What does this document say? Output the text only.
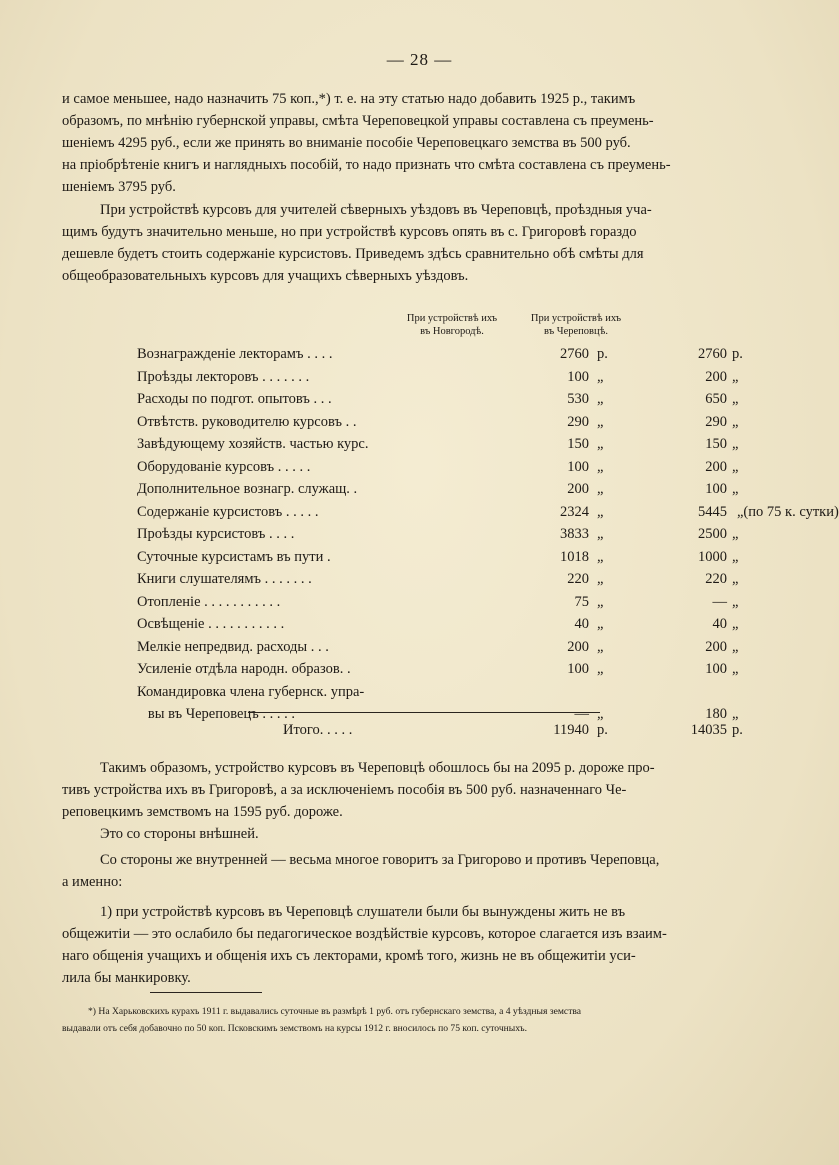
— 28 —

и самое меньшее, надо назначить 75 коп.,*) т. е. на эту статью надо добавить 1925 р., такимъ
образомъ, по мнѣнію губернской управы, смѣта Череповецкой управы составлена съ преумень-
шеніемъ 4295 руб., если же принять во вниманіе пособіе Череповецкаго земства въ 500 руб.
на пріобрѣтеніе книгъ и наглядныхъ пособій, то надо признать что смѣта составлена съ преумень-
шеніемъ 3795 руб.

При устройствѣ курсовъ для учителей сѣверныхъ уѣздовъ въ Череповцѣ, проѣздныя уча-
щимъ будутъ значительно меньше, но при устройствѣ курсовъ опять въ с. Григоровѣ гораздо
дешевле будетъ стоить содержаніе курсистовъ. Приведемъ здѣсь сравнительно обѣ смѣты для
общеобразовательныхъ курсовъ для учащихъ сѣверныхъ уѣздовъ.

При устройствѣ ихъ
въ Новгородѣ.
При устройствѣ ихъ
въ Череповцѣ.
Вознагражденіе лекторамъ . . . .	2760 р.	2760 р.
Проѣзды лекторовъ . . . . . . .	100 „	200 „
Расходы по подгот. опытовъ . . .	530 „	650 „
Отвѣтств. руководителю курсовъ . .	290 „	290 „
Завѣдующему хозяйств. частью курс.	150 „	150 „
Оборудованіе курсовъ . . . . .	100 „	200 „
Дополнительное вознагр. служащ. .	200 „	100 „
Содержаніе курсистовъ . . . . .	2324 „	5445 „(по 75 к. сутки)
Проѣзды курсистовъ . . . .	3833 „	2500 „
Суточные курсистамъ въ пути .	1018 „	1000 „
Книги слушателямъ . . . . . . .	220 „	220 „
Отопленіе . . . . . . . . . . .	75 „	— „
Освѣщеніе . . . . . . . . . . .	40 „	40 „
Мелкіе непредвид. расходы . . .	200 „	200 „
Усиленіе отдѣла народн. образов. .	100 „	100 „
Командировка члена губернск. упра-
вы въ Череповецъ . . . . .	— „	180 „
Итого. . . . .	11940 р.	14035 р.

Такимъ образомъ, устройство курсовъ въ Череповцѣ обошлось бы на 2095 р. дороже про-
тивъ устройства ихъ въ Григоровѣ, а за исключеніемъ пособія въ 500 руб. назначеннаго Че-
реповецкимъ земствомъ на 1595 руб. дороже.

Это со стороны внѣшней.

Со стороны же внутренней — весьма многое говоритъ за Григорово и противъ Череповца,
а именно:

1) при устройствѣ курсовъ въ Череповцѣ слушатели были бы вынуждены жить не въ
общежитіи — это ослабило бы педагогическое воздѣйствіе курсовъ, которое слагается изъ взаим-
наго общенія учащихъ и общенія ихъ съ лекторами, кромѣ того, жизнь не въ общежитіи уси-
лила бы манкировку.

*) На Харьковскихъ курахъ 1911 г. выдавались суточные въ размѣрѣ 1 руб. отъ губернскаго земства, а 4 уѣздныя земства
выдавали отъ себя добавочно по 50 коп. Псковскимъ земствомъ на курсы 1912 г. вносилось по 75 коп. суточныхъ.
